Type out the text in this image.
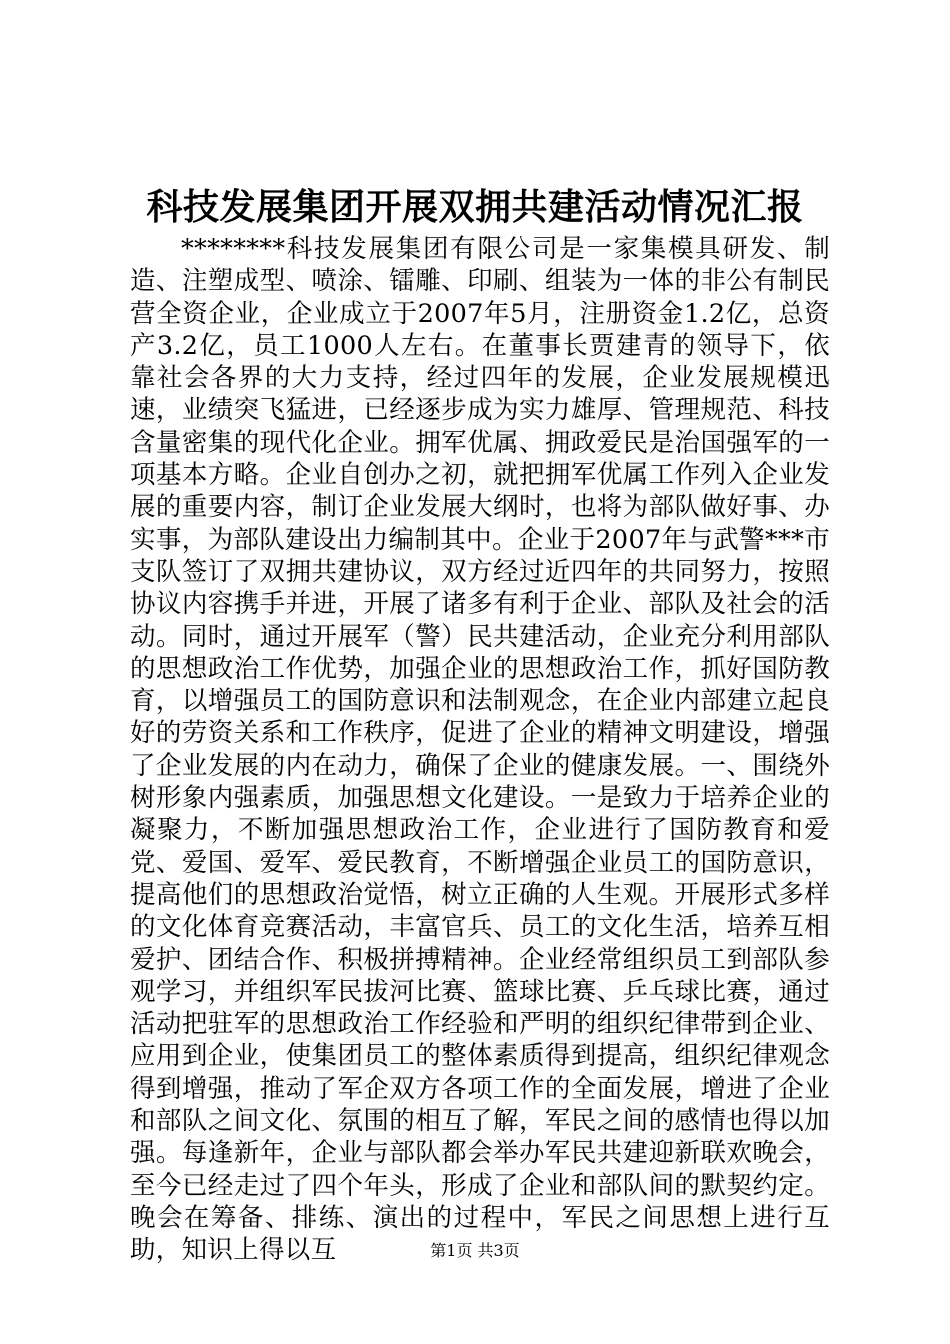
科技发展集团开展双拥共建活动情况汇报

********科技发展集团有限公司是一家集模具研发、制造、注塑成型、喷涂、镭雕、印刷、组装为一体的非公有制民营全资企业，企业成立于2007年5月，注册资金1.2亿，总资产3.2亿，员工1000人左右。在董事长贾建青的领导下，依靠社会各界的大力支持，经过四年的发展，企业发展规模迅速，业绩突飞猛进，已经逐步成为实力雄厚、管理规范、科技含量密集的现代化企业。拥军优属、拥政爱民是治国强军的一项基本方略。企业自创办之初，就把拥军优属工作列入企业发展的重要内容，制订企业发展大纲时，也将为部队做好事、办实事，为部队建设出力编制其中。企业于2007年与武警***市支队签订了双拥共建协议，双方经过近四年的共同努力，按照协议内容携手并进，开展了诸多有利于企业、部队及社会的活动。同时，通过开展军（警）民共建活动，企业充分利用部队的思想政治工作优势，加强企业的思想政治工作，抓好国防教育，以增强员工的国防意识和法制观念，在企业内部建立起良好的劳资关系和工作秩序，促进了企业的精神文明建设，增强了企业发展的内在动力，确保了企业的健康发展。一、围绕外树形象内强素质，加强思想文化建设。一是致力于培养企业的凝聚力，不断加强思想政治工作，企业进行了国防教育和爱党、爱国、爱军、爱民教育，不断增强企业员工的国防意识，提高他们的思想政治觉悟，树立正确的人生观。开展形式多样的文化体育竞赛活动，丰富官兵、员工的文化生活，培养互相爱护、团结合作、积极拼搏精神。企业经常组织员工到部队参观学习，并组织军民拔河比赛、篮球比赛、乒乓球比赛，通过活动把驻军的思想政治工作经验和严明的组织纪律带到企业、应用到企业，使集团员工的整体素质得到提高，组织纪律观念得到增强，推动了军企双方各项工作的全面发展，增进了企业和部队之间文化、氛围的相互了解，军民之间的感情也得以加强。每逢新年，企业与部队都会举办军民共建迎新联欢晚会，至今已经走过了四个年头，形成了企业和部队间的默契约定。晚会在筹备、排练、演出的过程中，军民之间思想上进行互助，知识上得以互	第1页 共3页
